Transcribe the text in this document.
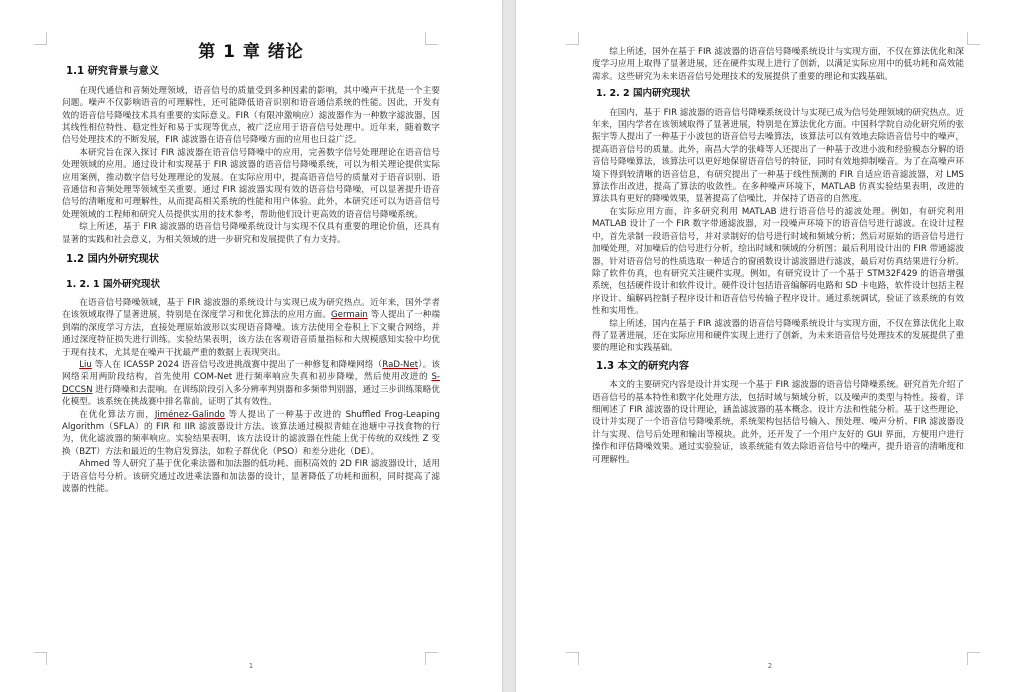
第 1 章 绪论
1.1 研究背景与意义

在现代通信和音频处理领域，语音信号的质量受到多种因素的影响，其中噪声干扰是一个主要问题。噪声不仅影响语音的可理解性，还可能降低语音识别和语音通信系统的性能。因此，开发有效的语音信号降噪技术具有重要的实际意义。FIR（有限冲激响应）滤波器作为一种数字滤波器，因其线性相位特性、稳定性好和易于实现等优点，被广泛应用于语音信号处理中。近年来，随着数字信号处理技术的不断发展，FIR 滤波器在语音信号降噪方面的应用也日益广泛。

本研究旨在深入探讨 FIR 滤波器在语音信号降噪中的应用，完善数字信号处理理论在语音信号处理领域的应用。通过设计和实现基于 FIR 滤波器的语音信号降噪系统，可以为相关理论提供实际应用案例，推动数字信号处理理论的发展。在实际应用中，提高语音信号的质量对于语音识别、语音通信和音频处理等领域至关重要。通过 FIR 滤波器实现有效的语音信号降噪，可以显著提升语音信号的清晰度和可理解性，从而提高相关系统的性能和用户体验。此外，本研究还可以为语音信号处理领域的工程师和研究人员提供实用的技术参考，帮助他们设计更高效的语音信号降噪系统。

综上所述，基于 FIR 滤波器的语音信号降噪系统设计与实现不仅具有重要的理论价值，还具有显著的实践和社会意义，为相关领域的进一步研究和发展提供了有力支持。

1.2 国内外研究现状
1. 2. 1 国外研究现状

在语音信号降噪领域，基于 FIR 滤波器的系统设计与实现已成为研究热点。近年来，国外学者在该领域取得了显著进展，特别是在深度学习和优化算法的应用方面。Germain 等人提出了一种端到端的深度学习方法，直接处理原始波形以实现语音降噪。该方法使用全卷积上下文聚合网络，并通过深度特征损失进行训练。实验结果表明，该方法在客观语音质量指标和大规模感知实验中均优于现有技术，尤其是在噪声干扰最严重的数据上表现突出。

Liu 等人在 ICASSP 2024 语音信号改进挑战赛中提出了一种修复和降噪网络（RaD-Net）。该网络采用两阶段结构，首先使用 COM-Net 进行频率响应失真和初步降噪，然后使用改进的 S-DCCSN 进行降噪和去混响。在训练阶段引入多分辨率判别器和多频带判别器，通过三步训练策略优化模型。该系统在挑战赛中排名靠前，证明了其有效性。

在优化算法方面，Jiménez-Galindo 等人提出了一种基于改进的 Shuffled Frog-Leaping Algorithm（SFLA）的 FIR 和 IIR 滤波器设计方法。该算法通过模拟青蛙在池塘中寻找食物的行为，优化滤波器的频率响应。实验结果表明，该方法设计的滤波器在性能上优于传统的双线性 Z 变换（BZT）方法和最近的生物启发算法，如粒子群优化（PSO）和差分进化（DE）。

Ahmed 等人研究了基于优化乘法器和加法器的低功耗、面积高效的 2D FIR 滤波器设计，适用于语音信号分析。该研究通过改进乘法器和加法器的设计，显著降低了功耗和面积，同时提高了滤波器的性能。

1

综上所述，国外在基于 FIR 滤波器的语音信号降噪系统设计与实现方面，不仅在算法优化和深度学习应用上取得了显著进展，还在硬件实现上进行了创新，以满足实际应用中的低功耗和高效能需求。这些研究为未来语音信号处理技术的发展提供了重要的理论和实践基础。

1. 2. 2 国内研究现状

在国内，基于 FIR 滤波器的语音信号降噪系统设计与实现已成为信号处理领域的研究热点。近年来，国内学者在该领域取得了显著进展，特别是在算法优化方面。中国科学院自动化研究所的张振宇等人提出了一种基于小波包的语音信号去噪算法，该算法可以有效地去除语音信号中的噪声，提高语音信号的质量。此外，南昌大学的张峰等人还提出了一种基于改进小波和经验模态分解的语音信号降噪算法，该算法可以更好地保留语音信号的特征，同时有效地抑制噪音。为了在高噪声环境下得到较清晰的语音信息，有研究提出了一种基于线性预测的 FIR 自适应语音滤波器，对 LMS 算法作出改进，提高了算法的收敛性。在多种噪声环境下，MATLAB 仿真实验结果表明，改进的算法具有更好的降噪效果，显著提高了信噪比，并保持了语音的自然度。

在实际应用方面，许多研究利用 MATLAB 进行语音信号的滤波处理。例如，有研究利用 MATLAB 设计了一个 FIR 数字带通滤波器，对一段噪声环境下的语音信号进行滤波。在设计过程中，首先录制一段语音信号，并对录制好的信号进行时域和频域分析；然后对原始的语音信号进行加噪处理，对加噪后的信号进行分析，绘出时域和频域的分析图；最后利用设计出的 FIR 带通滤波器，针对语音信号的性质选取一种适合的窗函数设计滤波器进行滤波，最后对仿真结果进行分析。除了软件仿真，也有研究关注硬件实现。例如，有研究设计了一个基于 STM32F429 的语音增强系统，包括硬件设计和软件设计。硬件设计包括语音编解码电路和 SD 卡电路，软件设计包括主程序设计、编解码控制子程序设计和语音信号传输子程序设计。通过系统调试，验证了该系统的有效性和实用性。

综上所述，国内在基于 FIR 滤波器的语音信号降噪系统设计与实现方面，不仅在算法优化上取得了显著进展，还在实际应用和硬件实现上进行了创新，为未来语音信号处理技术的发展提供了重要的理论和实践基础。

1.3 本文的研究内容

本文的主要研究内容是设计并实现一个基于 FIR 滤波器的语音信号降噪系统。研究首先介绍了语音信号的基本特性和数字化处理方法，包括时域与频域分析，以及噪声的类型与特性。接着，详细阐述了 FIR 滤波器的设计理论，涵盖滤波器的基本概念、设计方法和性能分析。基于这些理论，设计并实现了一个语音信号降噪系统，系统架构包括信号输入、预处理、噪声分析、FIR 滤波器设计与实现、信号后处理和输出等模块。此外，还开发了一个用户友好的 GUI 界面，方便用户进行操作和评估降噪效果。通过实验验证，该系统能有效去除语音信号中的噪声，提升语音的清晰度和可理解性。

2
